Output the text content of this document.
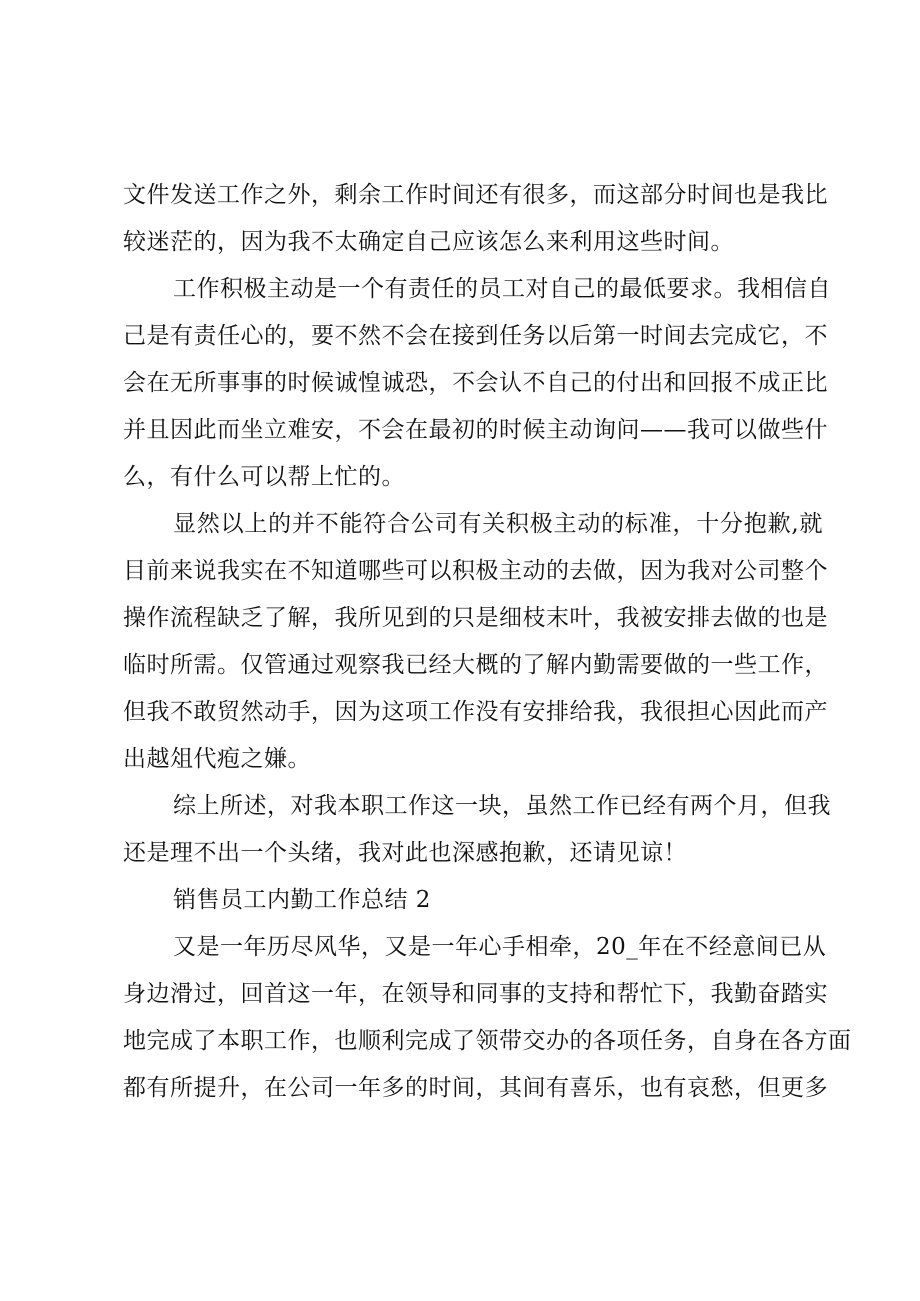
文件发送工作之外，剩余工作时间还有很多，而这部分时间也是我比
较迷茫的，因为我不太确定自己应该怎么来利用这些时间。
工作积极主动是一个有责任的员工对自己的最低要求。我相信自
己是有责任心的，要不然不会在接到任务以后第一时间去完成它，不
会在无所事事的时候诚惶诚恐，不会认不自己的付出和回报不成正比
并且因此而坐立难安，不会在最初的时候主动询问——我可以做些什
么，有什么可以帮上忙的。
显然以上的并不能符合公司有关积极主动的标准，十分抱歉,就
目前来说我实在不知道哪些可以积极主动的去做，因为我对公司整个
操作流程缺乏了解，我所见到的只是细枝末叶，我被安排去做的也是
临时所需。仅管通过观察我已经大概的了解内勤需要做的一些工作，
但我不敢贸然动手，因为这项工作没有安排给我，我很担心因此而产
出越俎代疱之嫌。
综上所述，对我本职工作这一块，虽然工作已经有两个月，但我
还是理不出一个头绪，我对此也深感抱歉，还请见谅！
销售员工内勤工作总结 2
又是一年历尽风华，又是一年心手相牵，20_年在不经意间已从
身边滑过，回首这一年，在领导和同事的支持和帮忙下，我勤奋踏实
地完成了本职工作，也顺利完成了领带交办的各项任务，自身在各方面
都有所提升，在公司一年多的时间，其间有喜乐，也有哀愁，但更多
